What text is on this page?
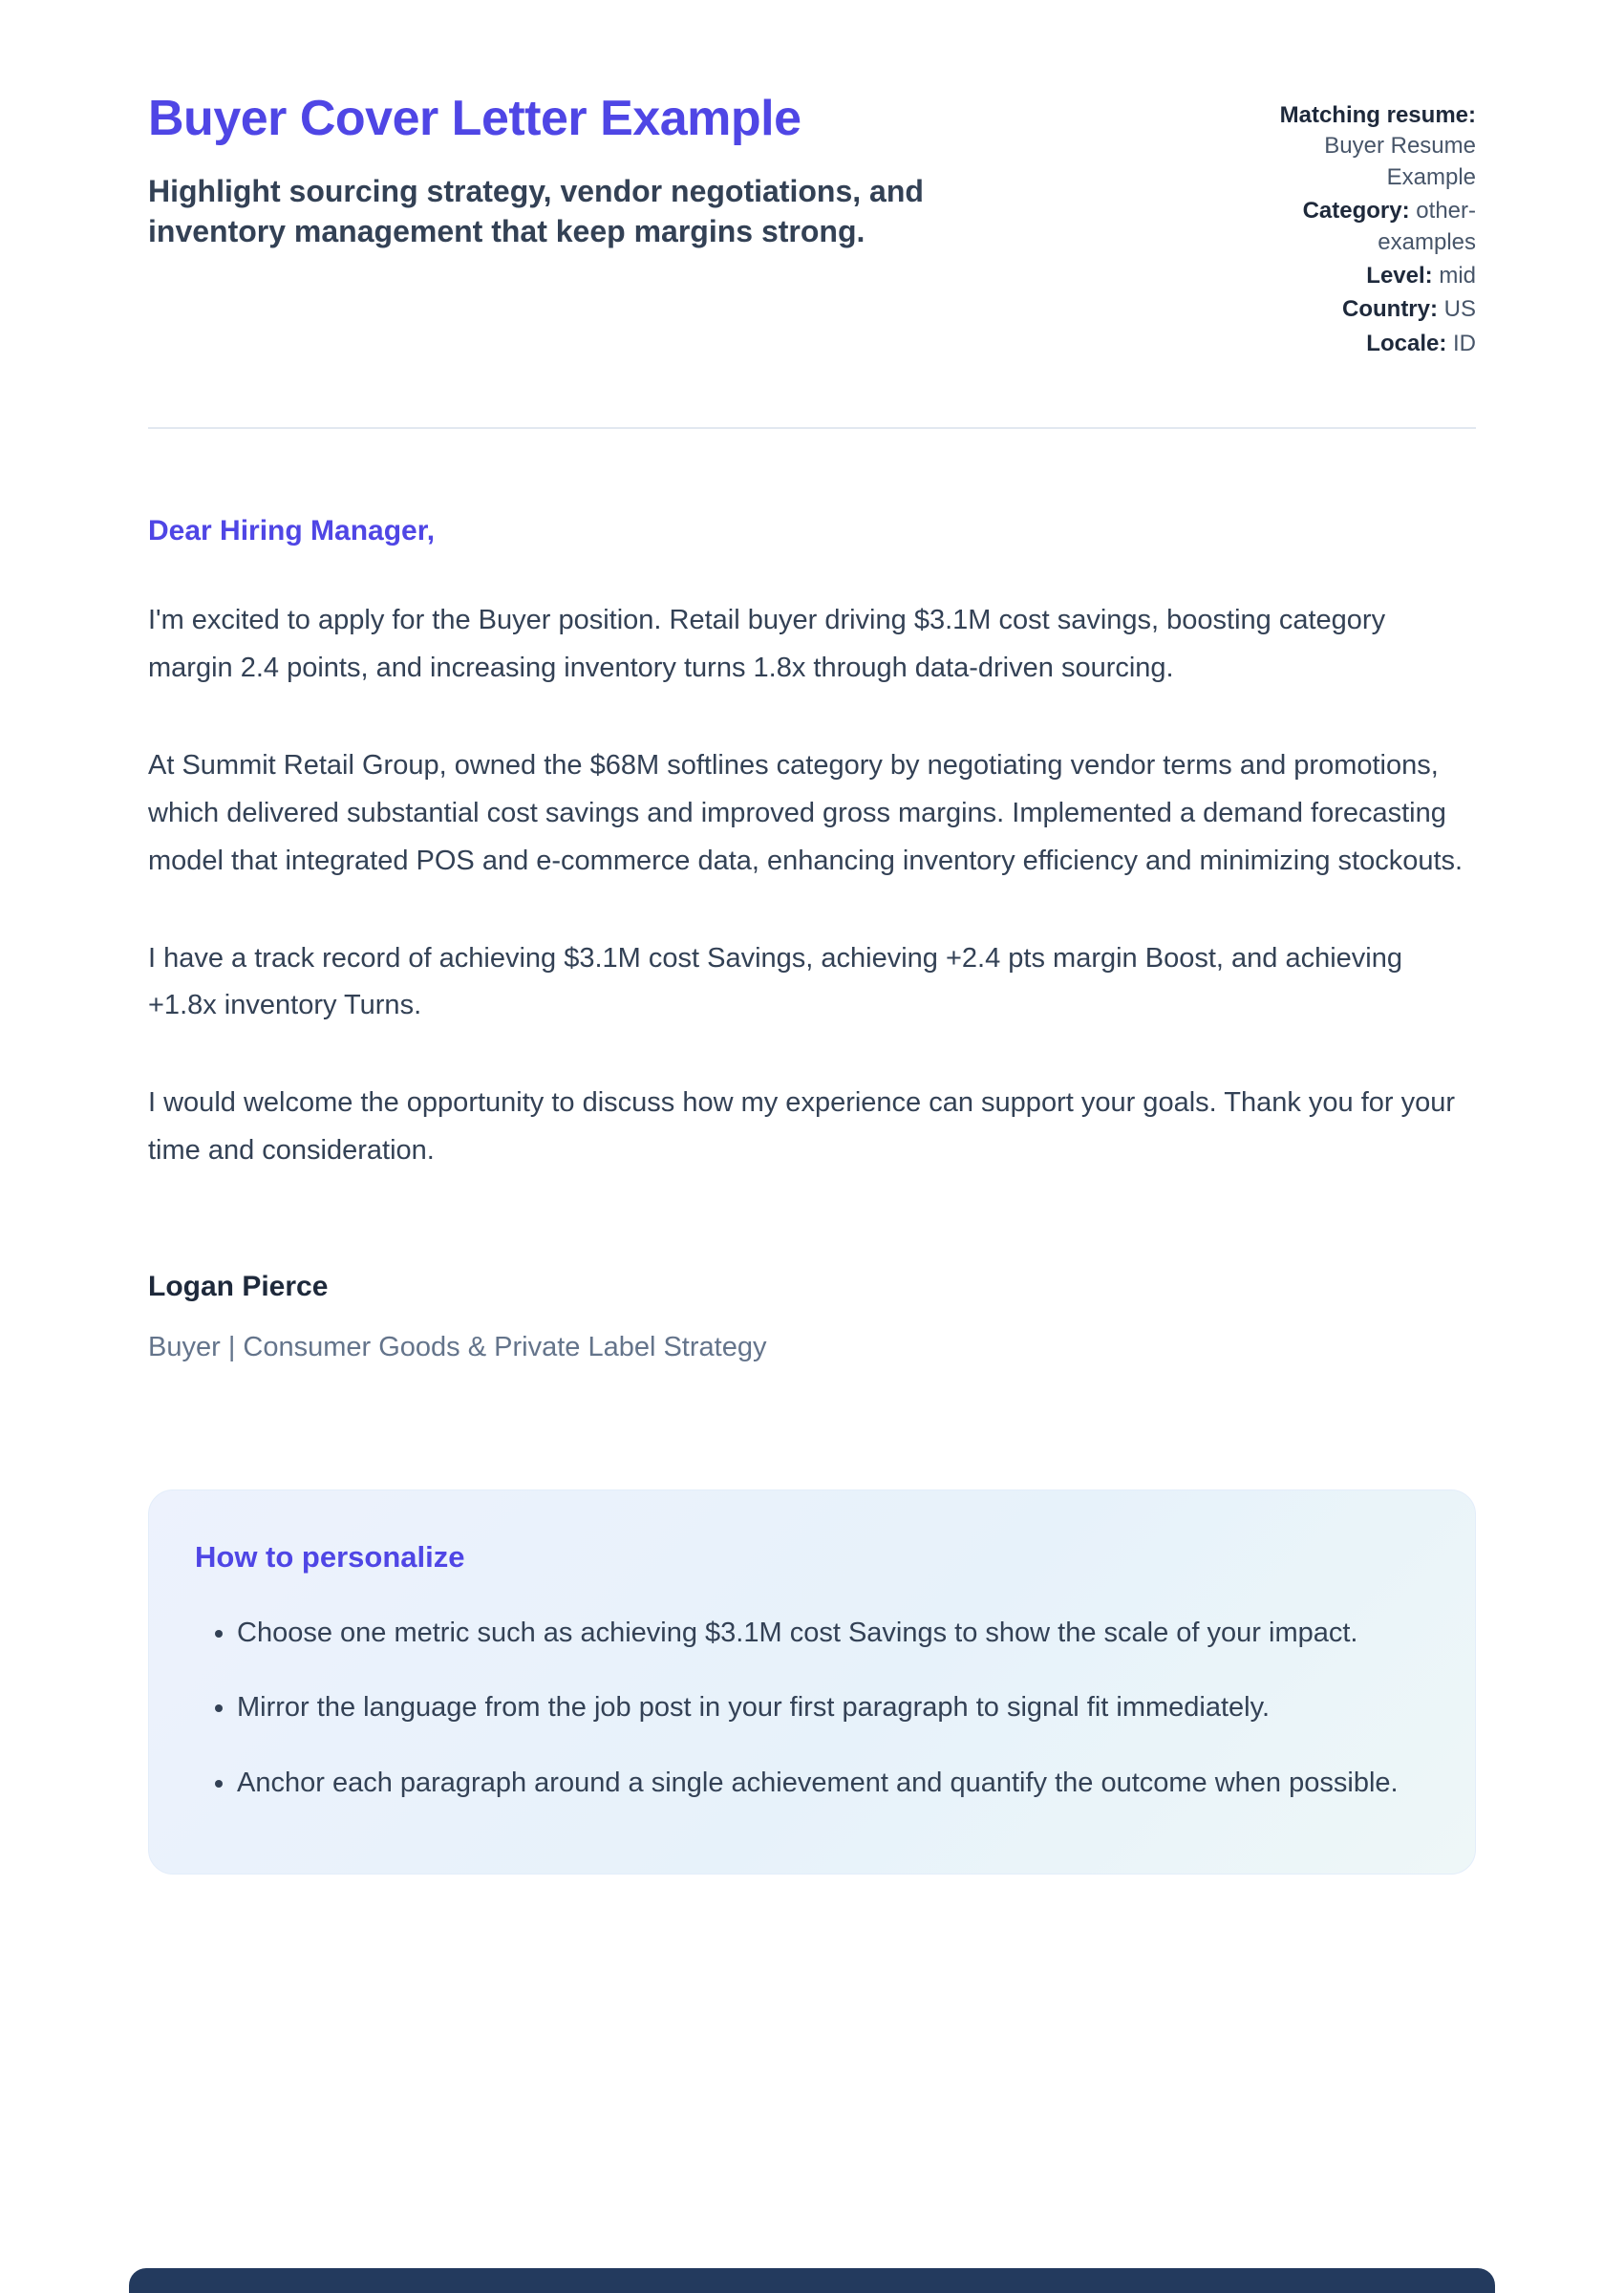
Buyer Cover Letter Example
Highlight sourcing strategy, vendor negotiations, and inventory management that keep margins strong.
Matching resume: Buyer Resume Example
Category: other-examples
Level: mid
Country: US
Locale: ID

Dear Hiring Manager,

I'm excited to apply for the Buyer position. Retail buyer driving $3.1M cost savings, boosting category margin 2.4 points, and increasing inventory turns 1.8x through data-driven sourcing.

At Summit Retail Group, owned the $68M softlines category by negotiating vendor terms and promotions, which delivered substantial cost savings and improved gross margins. Implemented a demand forecasting model that integrated POS and e-commerce data, enhancing inventory efficiency and minimizing stockouts.

I have a track record of achieving $3.1M cost Savings, achieving +2.4 pts margin Boost, and achieving +1.8x inventory Turns.

I would welcome the opportunity to discuss how my experience can support your goals. Thank you for your time and consideration.

Logan Pierce

Buyer | Consumer Goods & Private Label Strategy

How to personalize
• Choose one metric such as achieving $3.1M cost Savings to show the scale of your impact.
• Mirror the language from the job post in your first paragraph to signal fit immediately.
• Anchor each paragraph around a single achievement and quantify the outcome when possible.
